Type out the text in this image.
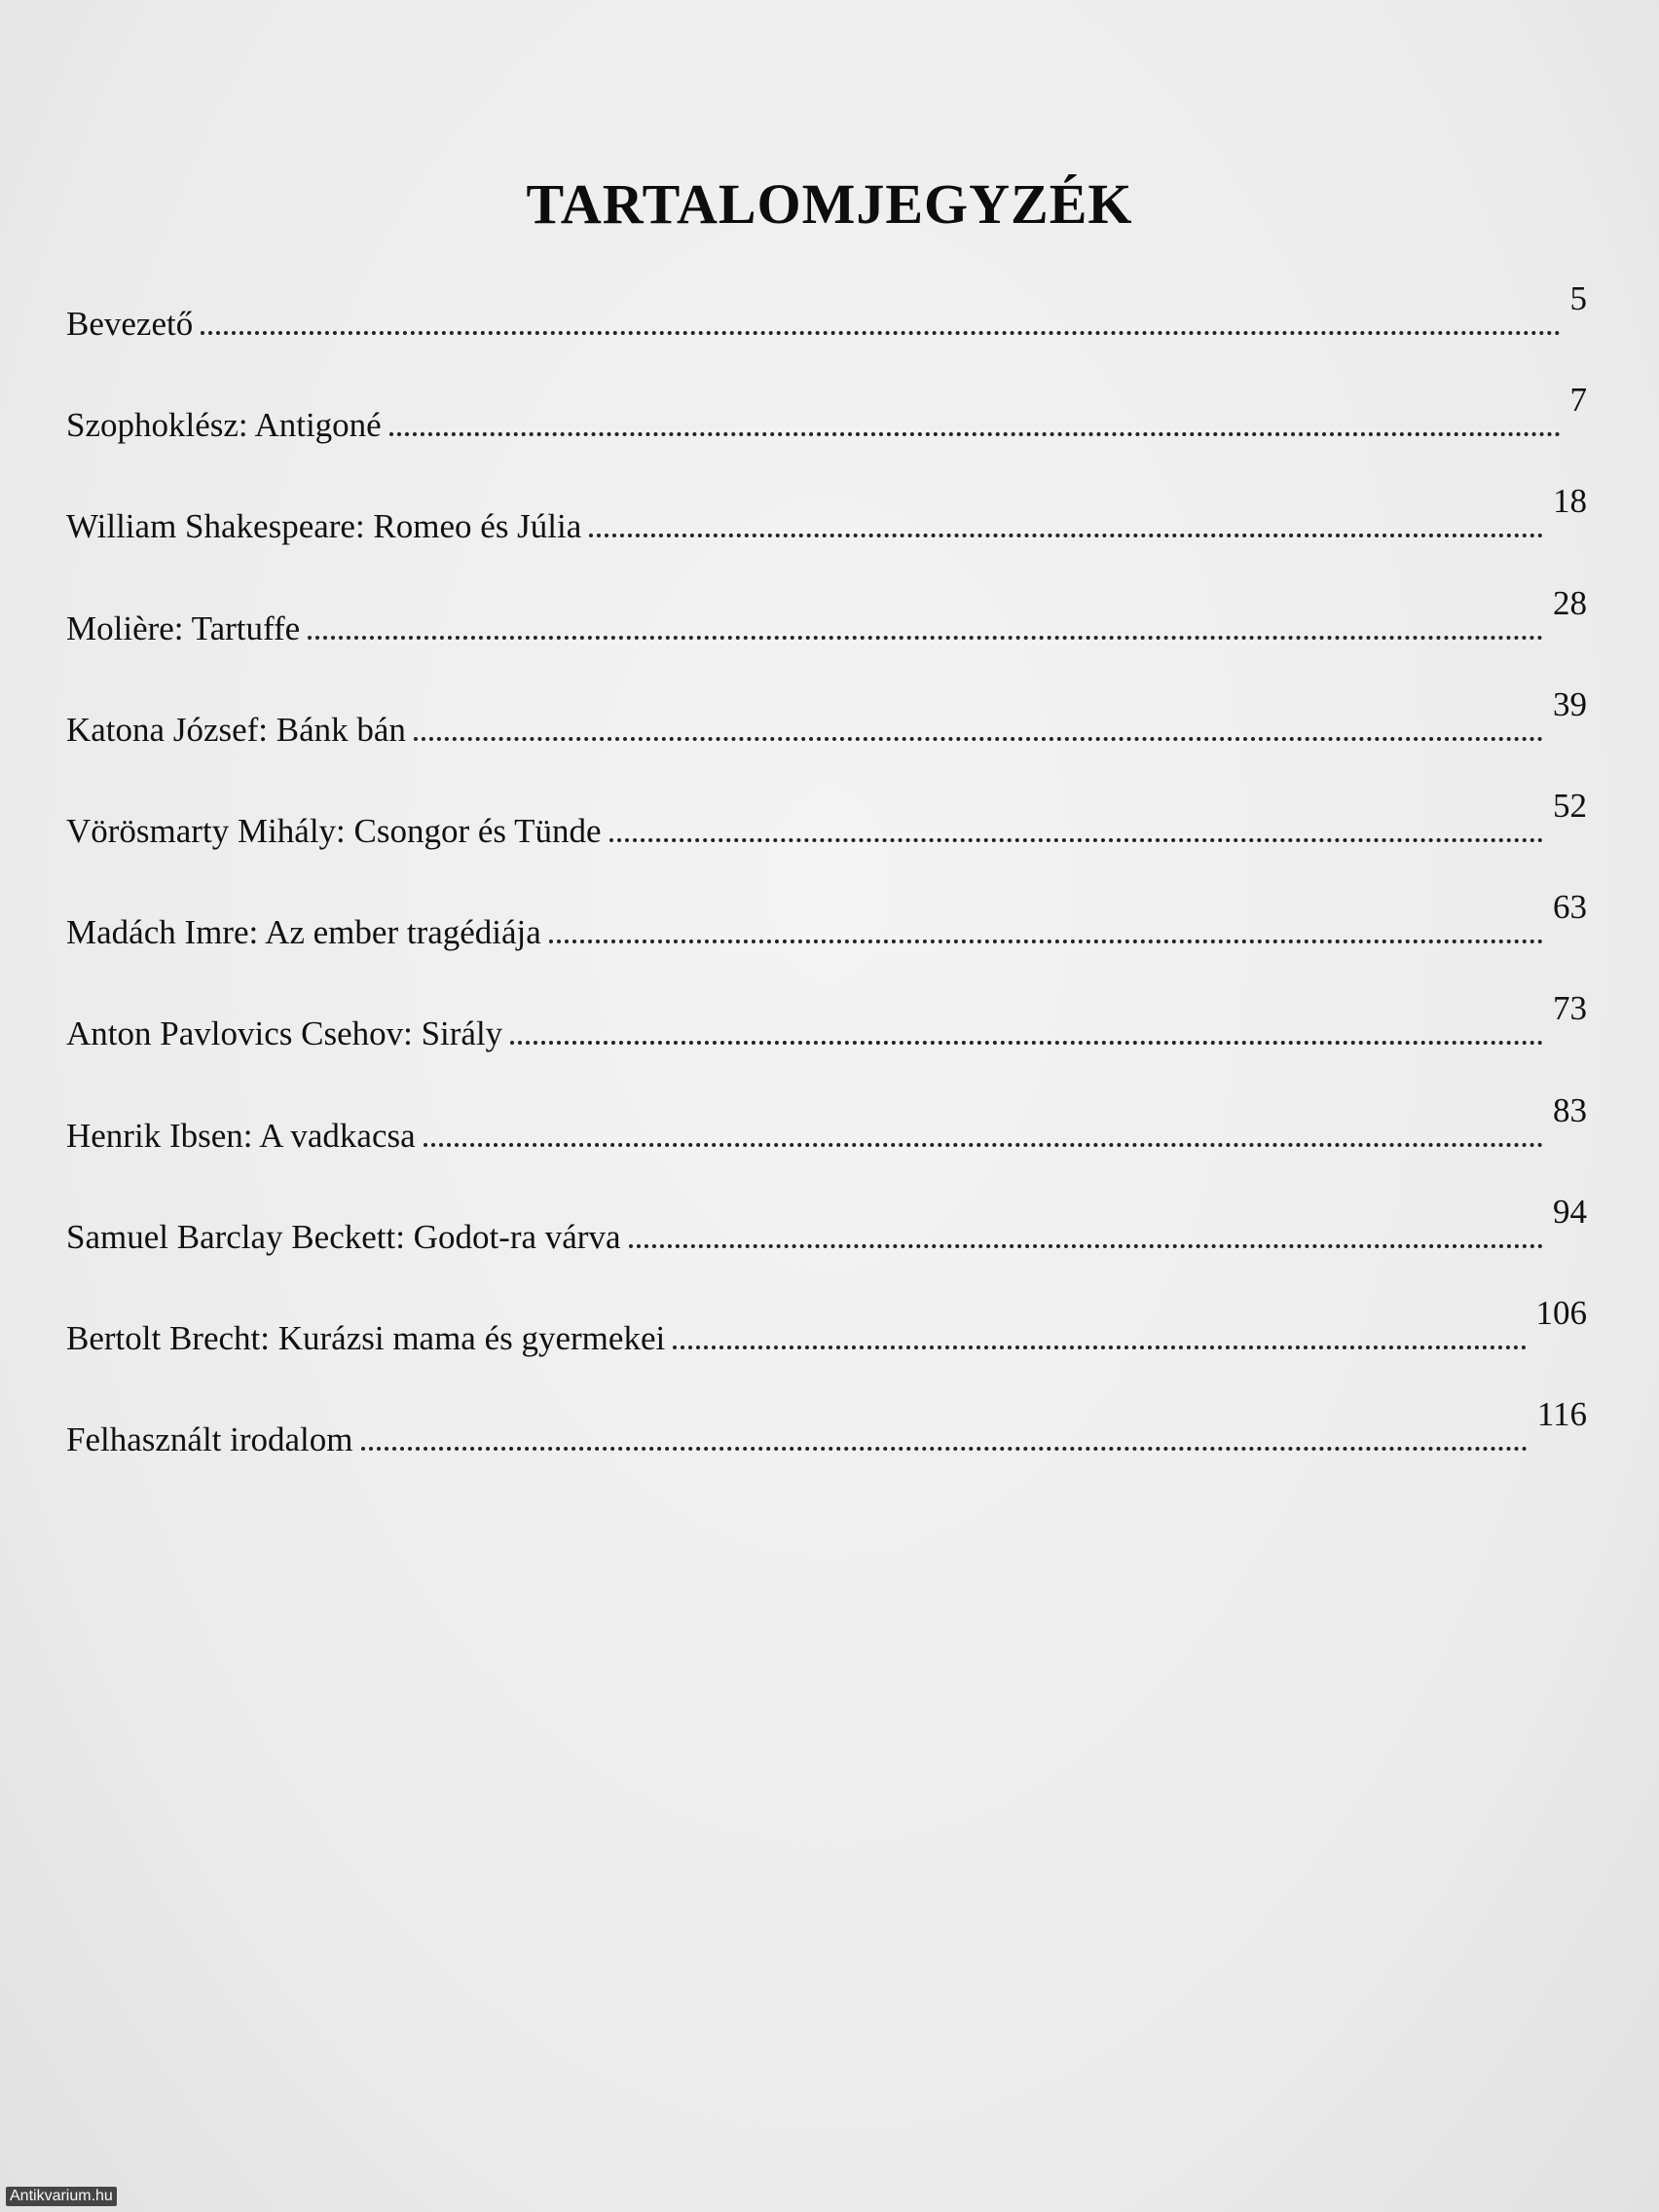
TARTALOMJEGYZÉK
Bevezető
5
Szophoklész: Antigoné
7
William Shakespeare: Romeo és Júlia
18
Molière: Tartuffe
28
Katona József: Bánk bán
39
Vörösmarty Mihály: Csongor és Tünde
52
Madách Imre: Az ember tragédiája
63
Anton Pavlovics Csehov: Sirály
73
Henrik Ibsen: A vadkacsa
83
Samuel Barclay Beckett: Godot-ra várva
94
Bertolt Brecht: Kurázsi mama és gyermekei
106
Felhasznált irodalom
116
Antikvarium.hu
